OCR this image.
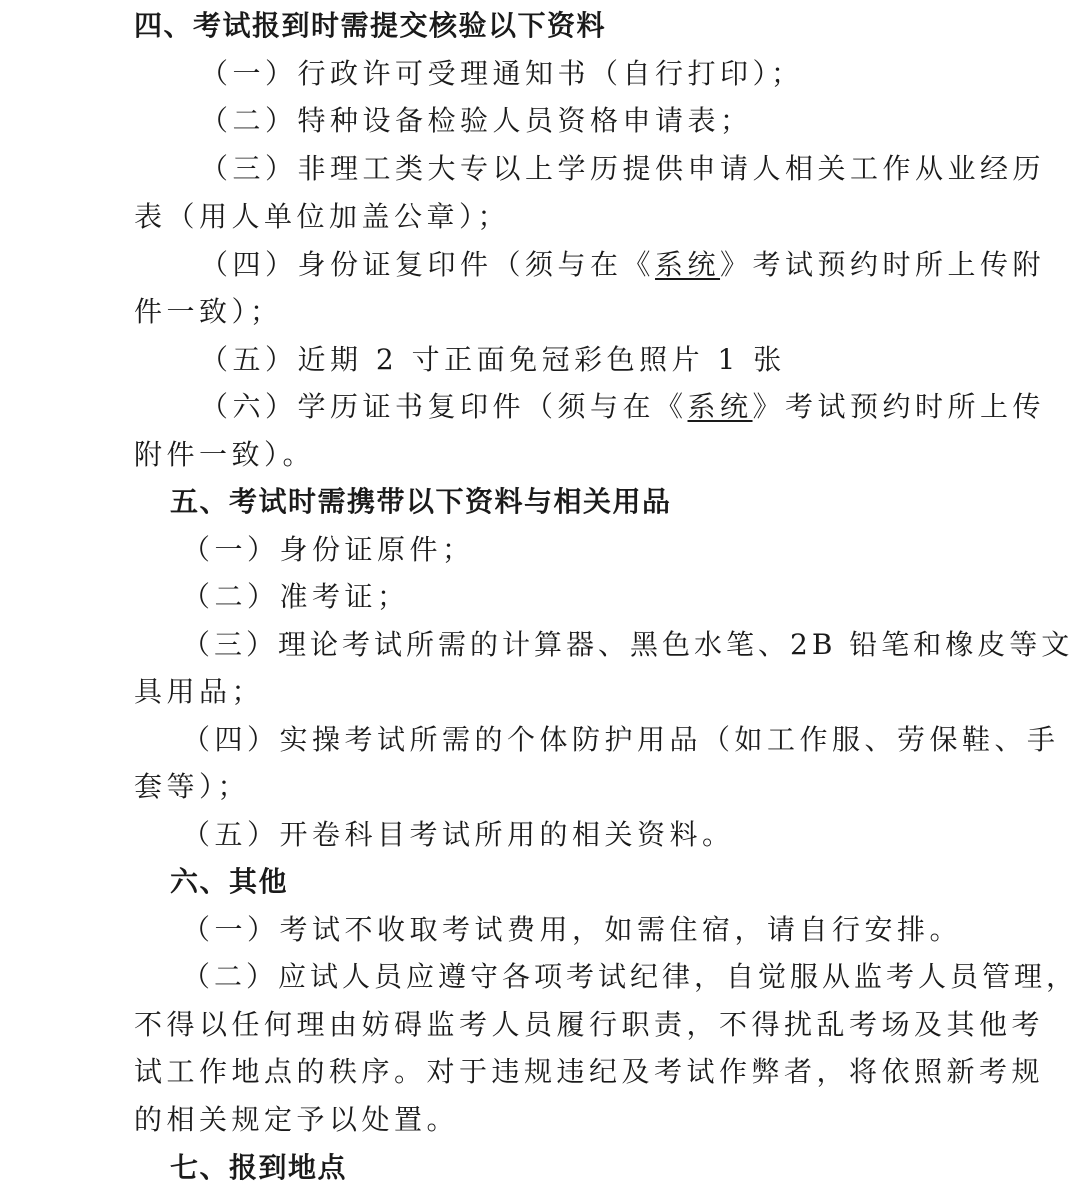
四、考试报到时需提交核验以下资料
（一）行政许可受理通知书（自行打印）；
（二）特种设备检验人员资格申请表；
（三）非理工类大专以上学历提供申请人相关工作从业经历
表（用人单位加盖公章）；
（四）身份证复印件（须与在《系统》考试预约时所上传附
件一致）；
（五）近期 2 寸正面免冠彩色照片 1 张
（六）学历证书复印件（须与在《系统》考试预约时所上传
附件一致）。
五、考试时需携带以下资料与相关用品
（一）身份证原件；
（二）准考证；
（三）理论考试所需的计算器、黑色水笔、2B 铅笔和橡皮等文
具用品；
（四）实操考试所需的个体防护用品（如工作服、劳保鞋、手
套等）；
（五）开卷科目考试所用的相关资料。
六、其他
（一）考试不收取考试费用，如需住宿，请自行安排。
（二）应试人员应遵守各项考试纪律，自觉服从监考人员管理，
不得以任何理由妨碍监考人员履行职责，不得扰乱考场及其他考
试工作地点的秩序。对于违规违纪及考试作弊者，将依照新考规
的相关规定予以处置。
七、报到地点
